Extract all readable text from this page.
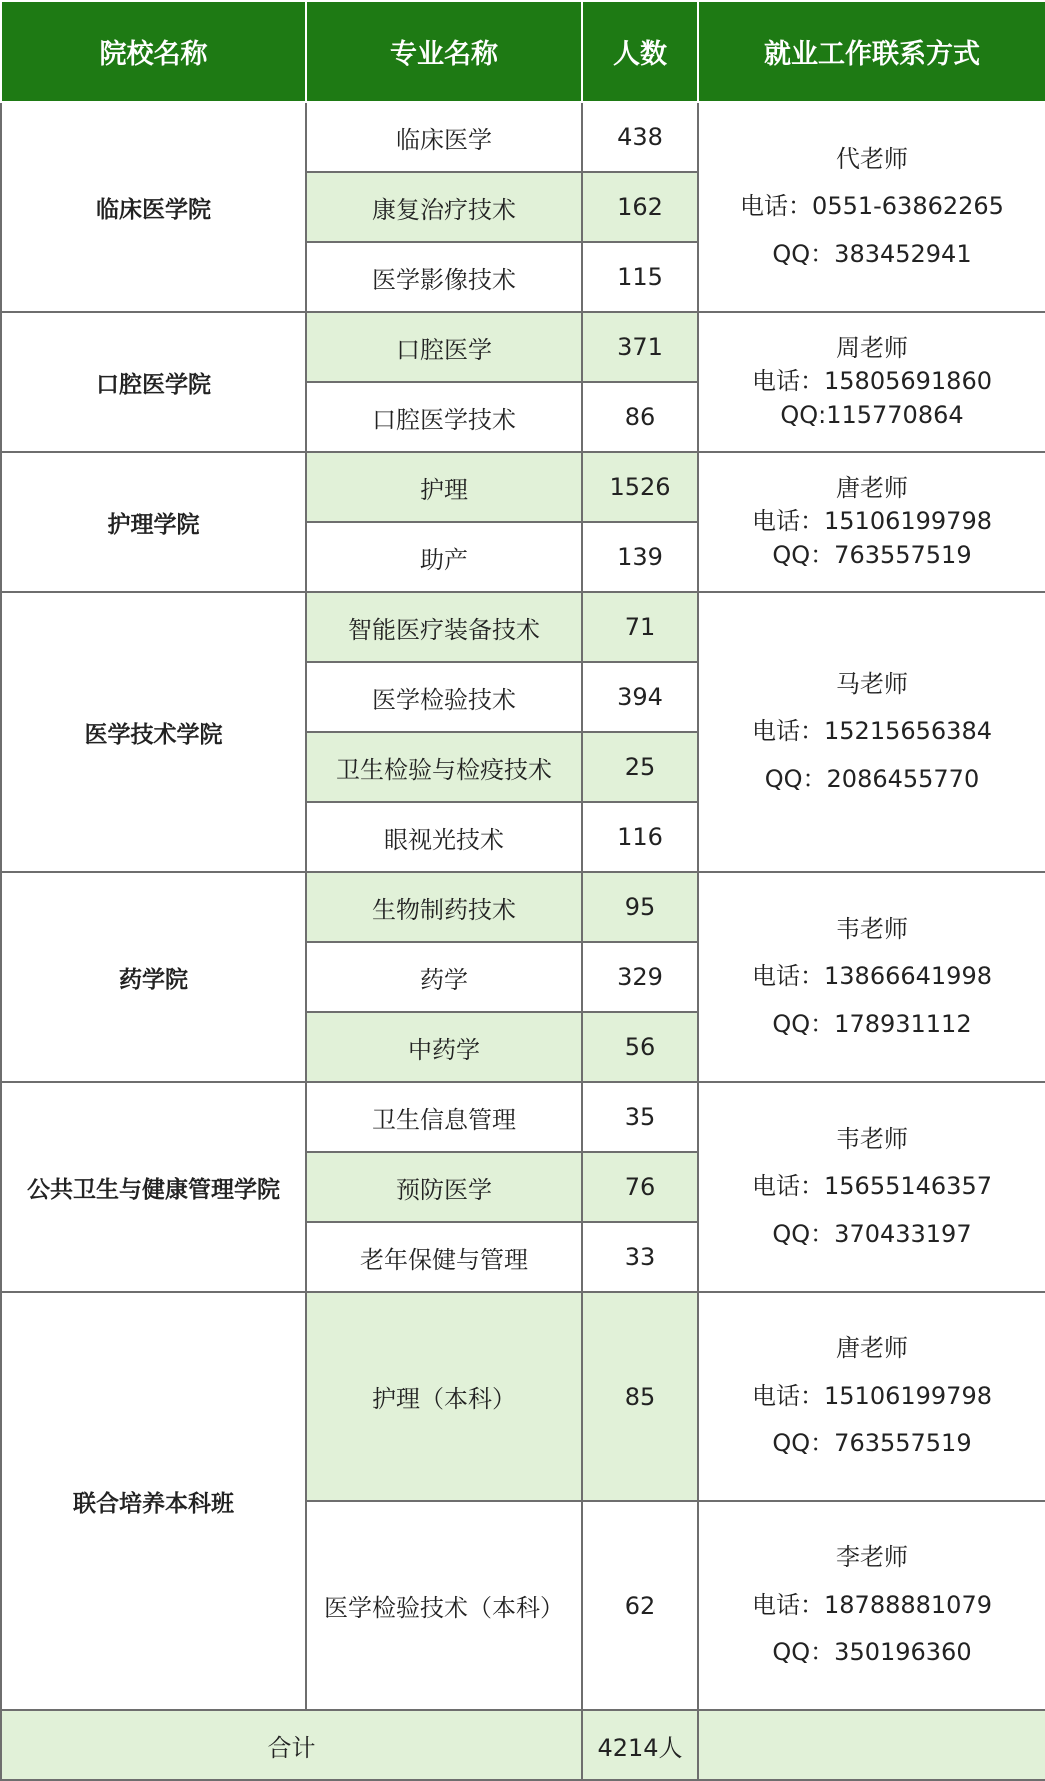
院校名称	专业名称	人数	就业工作联系方式
临床医学院	临床医学	438	代老师
电话：0551-63862265
QQ：383452941

	康复治疗技术	162	
	医学影像技术	115	
口腔医学院	口腔医学	371	周老师
电话：15805691860
QQ:115770864

	口腔医学技术	86	
护理学院	护理	1526	唐老师
电话：15106199798
QQ：763557519

	助产	139	
医学技术学院	智能医疗装备技术	71	马老师
电话：15215656384
QQ：2086455770

	医学检验技术	394	
	卫生检验与检疫技术	25	
	眼视光技术	116	
药学院	生物制药技术	95	韦老师
电话：13866641998
QQ：178931112

	药学	329	
	中药学	56	
公共卫生与健康管理学院	卫生信息管理	35	韦老师
电话：15655146357
QQ：370433197

	预防医学	76	
	老年保健与管理	33	
联合培养本科班	护理（本科）	85	唐老师
电话：15106199798
QQ：763557519

	医学检验技术（本科）	62	李老师
电话：18788881079
QQ：350196360

合计		4214人	
